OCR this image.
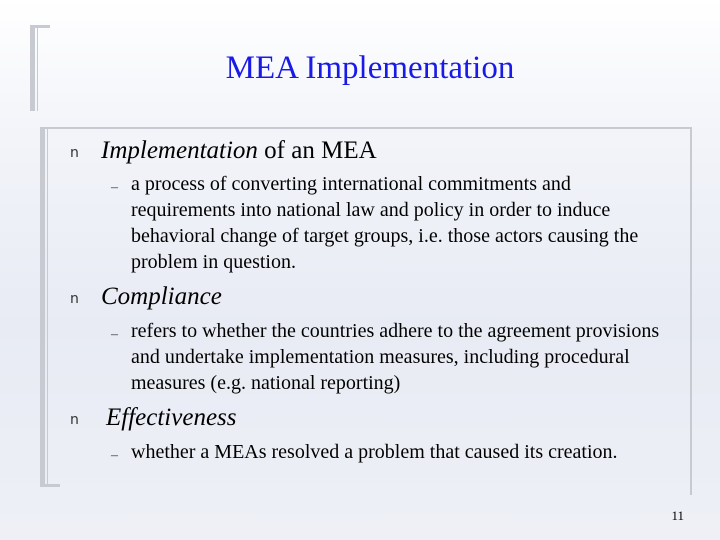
MEA Implementation
n Implementation of an MEA
– a process of converting international commitments and requirements into national law and policy in order to induce behavioral change of target groups, i.e. those actors causing the problem in question.
n Compliance
– refers to whether the countries adhere to the agreement provisions and undertake implementation measures, including procedural measures (e.g. national reporting)
n Effectiveness
– whether a MEAs resolved a problem that caused its creation.
11
